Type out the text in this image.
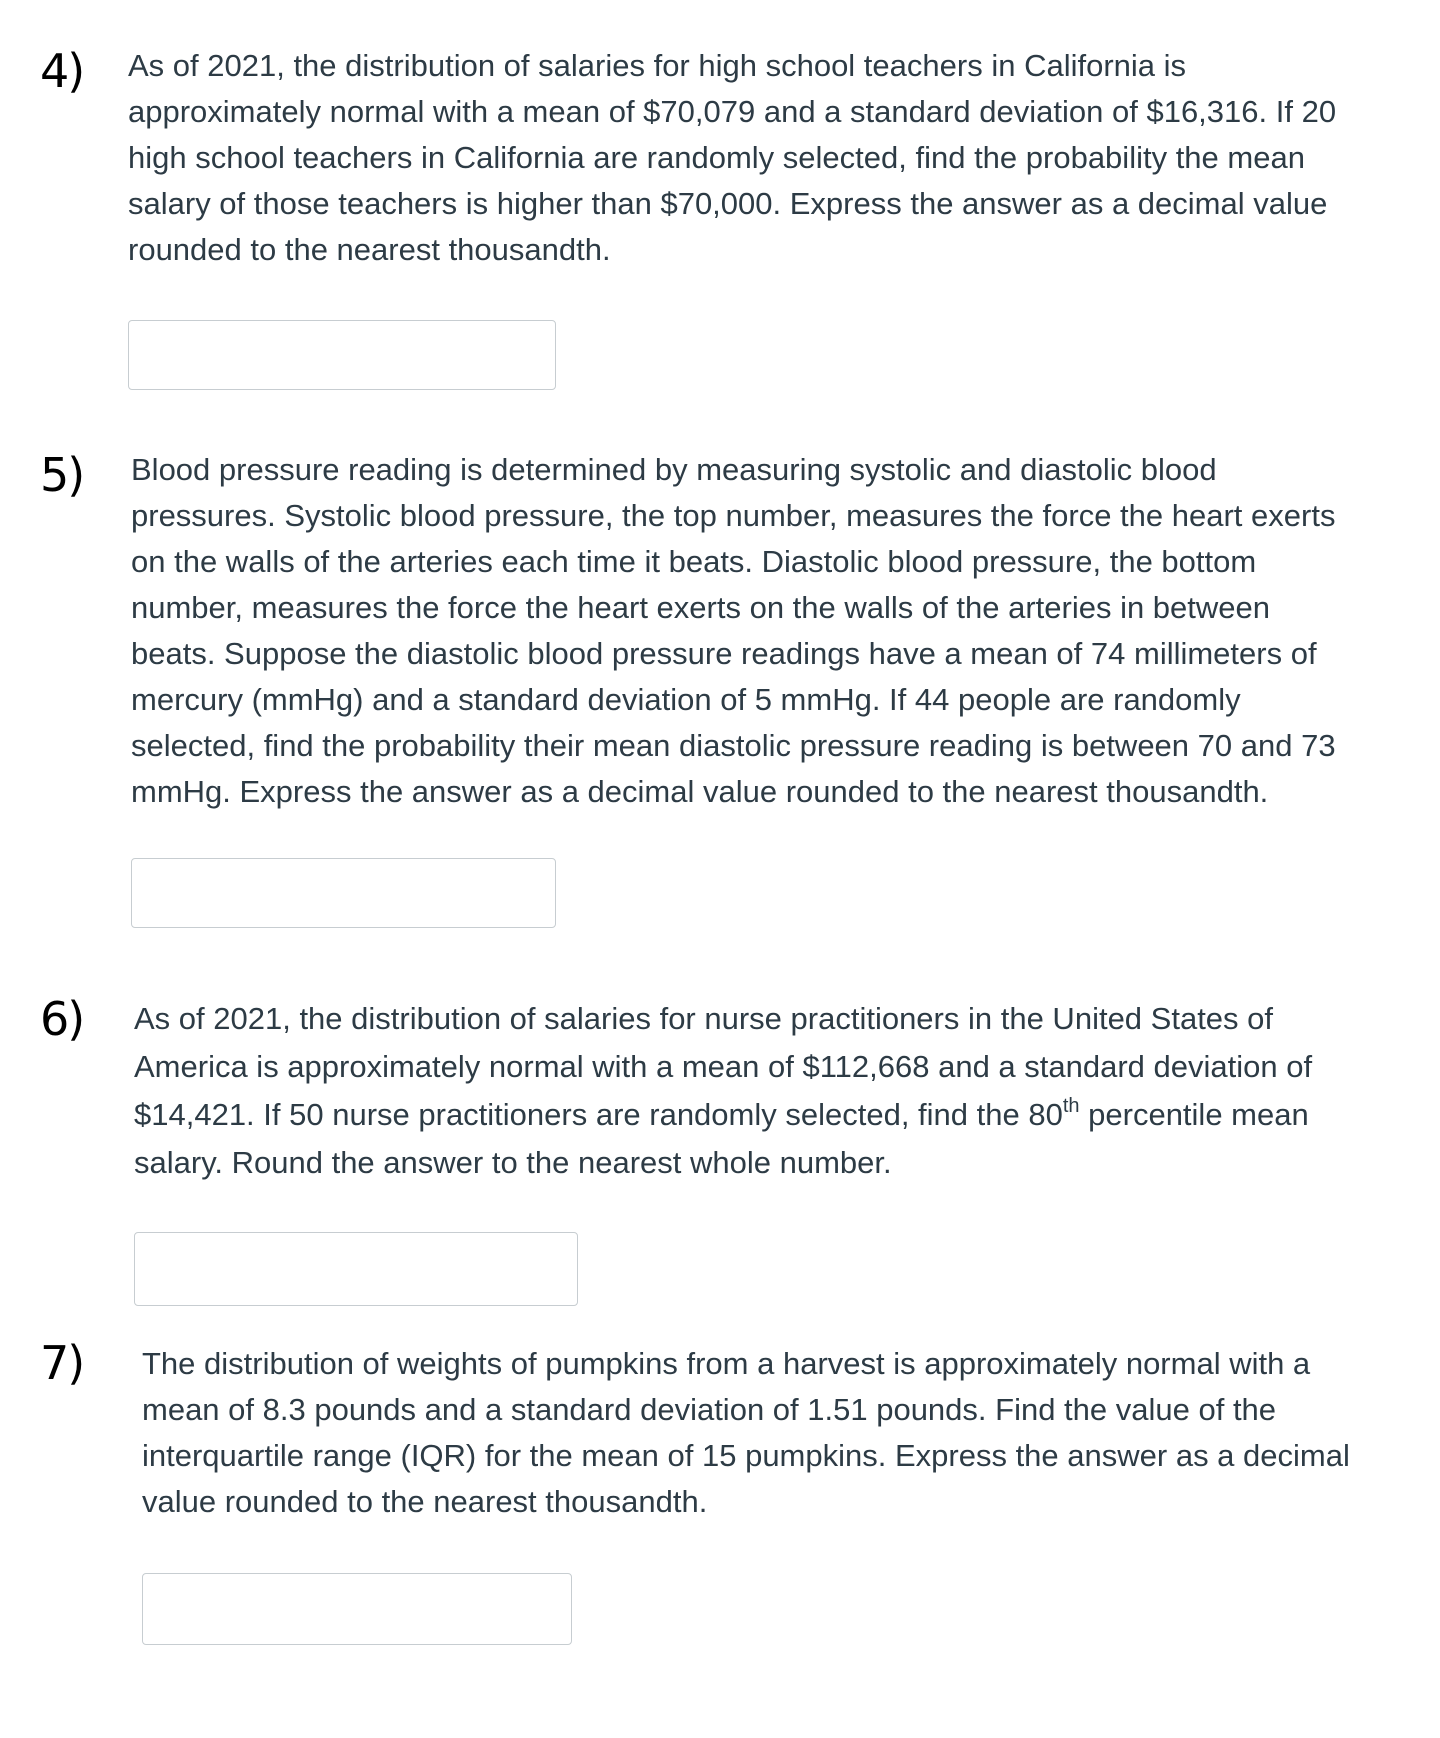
4) As of 2021, the distribution of salaries for high school teachers in California is approximately normal with a mean of $70,079 and a standard deviation of $16,316. If 20 high school teachers in California are randomly selected, find the probability the mean salary of those teachers is higher than $70,000. Express the answer as a decimal value rounded to the nearest thousandth.

5) Blood pressure reading is determined by measuring systolic and diastolic blood pressures. Systolic blood pressure, the top number, measures the force the heart exerts on the walls of the arteries each time it beats. Diastolic blood pressure, the bottom number, measures the force the heart exerts on the walls of the arteries in between beats. Suppose the diastolic blood pressure readings have a mean of 74 millimeters of mercury (mmHg) and a standard deviation of 5 mmHg. If 44 people are randomly selected, find the probability their mean diastolic pressure reading is between 70 and 73 mmHg. Express the answer as a decimal value rounded to the nearest thousandth.

6) As of 2021, the distribution of salaries for nurse practitioners in the United States of America is approximately normal with a mean of $112,668 and a standard deviation of $14,421. If 50 nurse practitioners are randomly selected, find the 80th percentile mean salary. Round the answer to the nearest whole number.

7) The distribution of weights of pumpkins from a harvest is approximately normal with a mean of 8.3 pounds and a standard deviation of 1.51 pounds. Find the value of the interquartile range (IQR) for the mean of 15 pumpkins. Express the answer as a decimal value rounded to the nearest thousandth.
